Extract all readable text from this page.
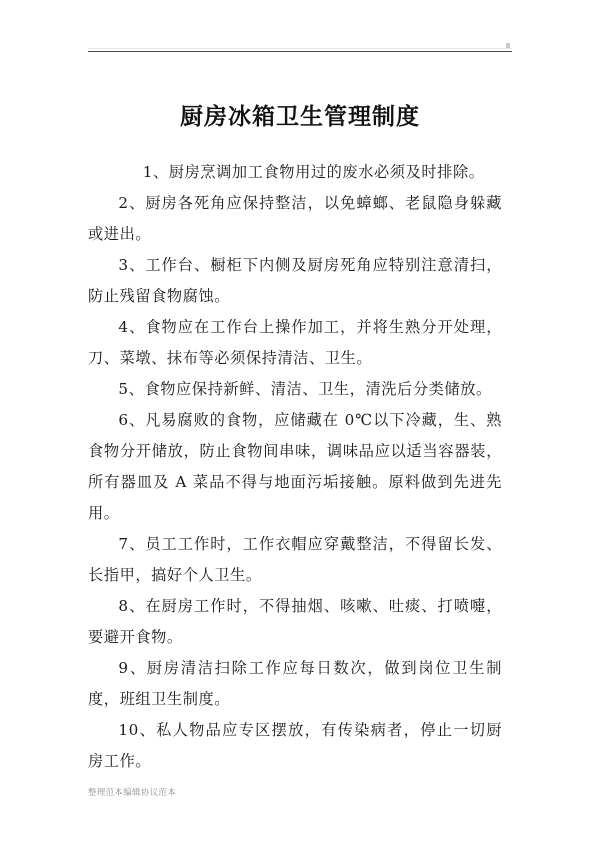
厨房冰箱卫生管理制度

1、厨房烹调加工食物用过的废水必须及时排除。

2、厨房各死角应保持整洁，以免蟑螂、老鼠隐身躲藏或进出。

3、工作台、橱柜下内侧及厨房死角应特别注意清扫，防止残留食物腐蚀。

4、食物应在工作台上操作加工，并将生熟分开处理，刀、菜墩、抹布等必须保持清洁、卫生。

5、食物应保持新鲜、清洁、卫生，清洗后分类储放。

6、凡易腐败的食物，应储藏在 0℃以下冷藏，生、熟食物分开储放，防止食物间串味，调味品应以适当容器装，所有器皿及 A 菜品不得与地面污垢接触。原料做到先进先用。

7、员工工作时，工作衣帽应穿戴整洁，不得留长发、长指甲，搞好个人卫生。

8、在厨房工作时，不得抽烟、咳嗽、吐痰、打喷嚏，要避开食物。

9、厨房清洁扫除工作应每日数次，做到岗位卫生制度，班组卫生制度。

10、私人物品应专区摆放，有传染病者，停止一切厨房工作。

整理范本编辑协议范本
